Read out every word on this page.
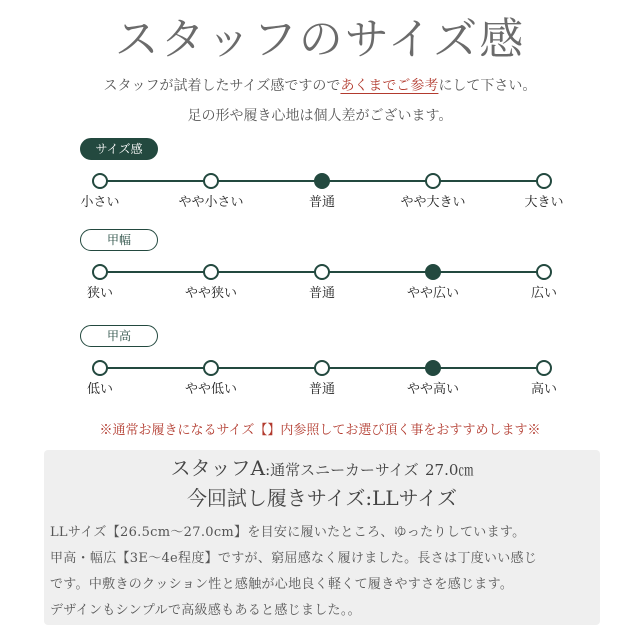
スタッフのサイズ感
スタッフが試着したサイズ感ですのであくまでご参考にして下さい。
足の形や履き心地は個人差がございます。
サイズ感
小さい	やや小さい	普通	やや大きい	大きい
甲幅
狭い	やや狭い	普通	やや広い	広い
甲高
低い	やや低い	普通	やや高い	高い
※通常お履きになるサイズ【】内参照してお選び頂く事をおすすめします※
スタッフA:通常スニーカーサイズ 27.0㎝
今回試し履きサイズ:LLサイズ
LLサイズ【26.5cm〜27.0cm】を目安に履いたところ、ゆったりしています。
甲高・幅広【3E〜4e程度】ですが、窮屈感なく履けました。長さは丁度いい感じ
です。中敷きのクッション性と感触が心地良く軽くて履きやすさを感じます。
デザインもシンプルで高級感もあると感じました。。
